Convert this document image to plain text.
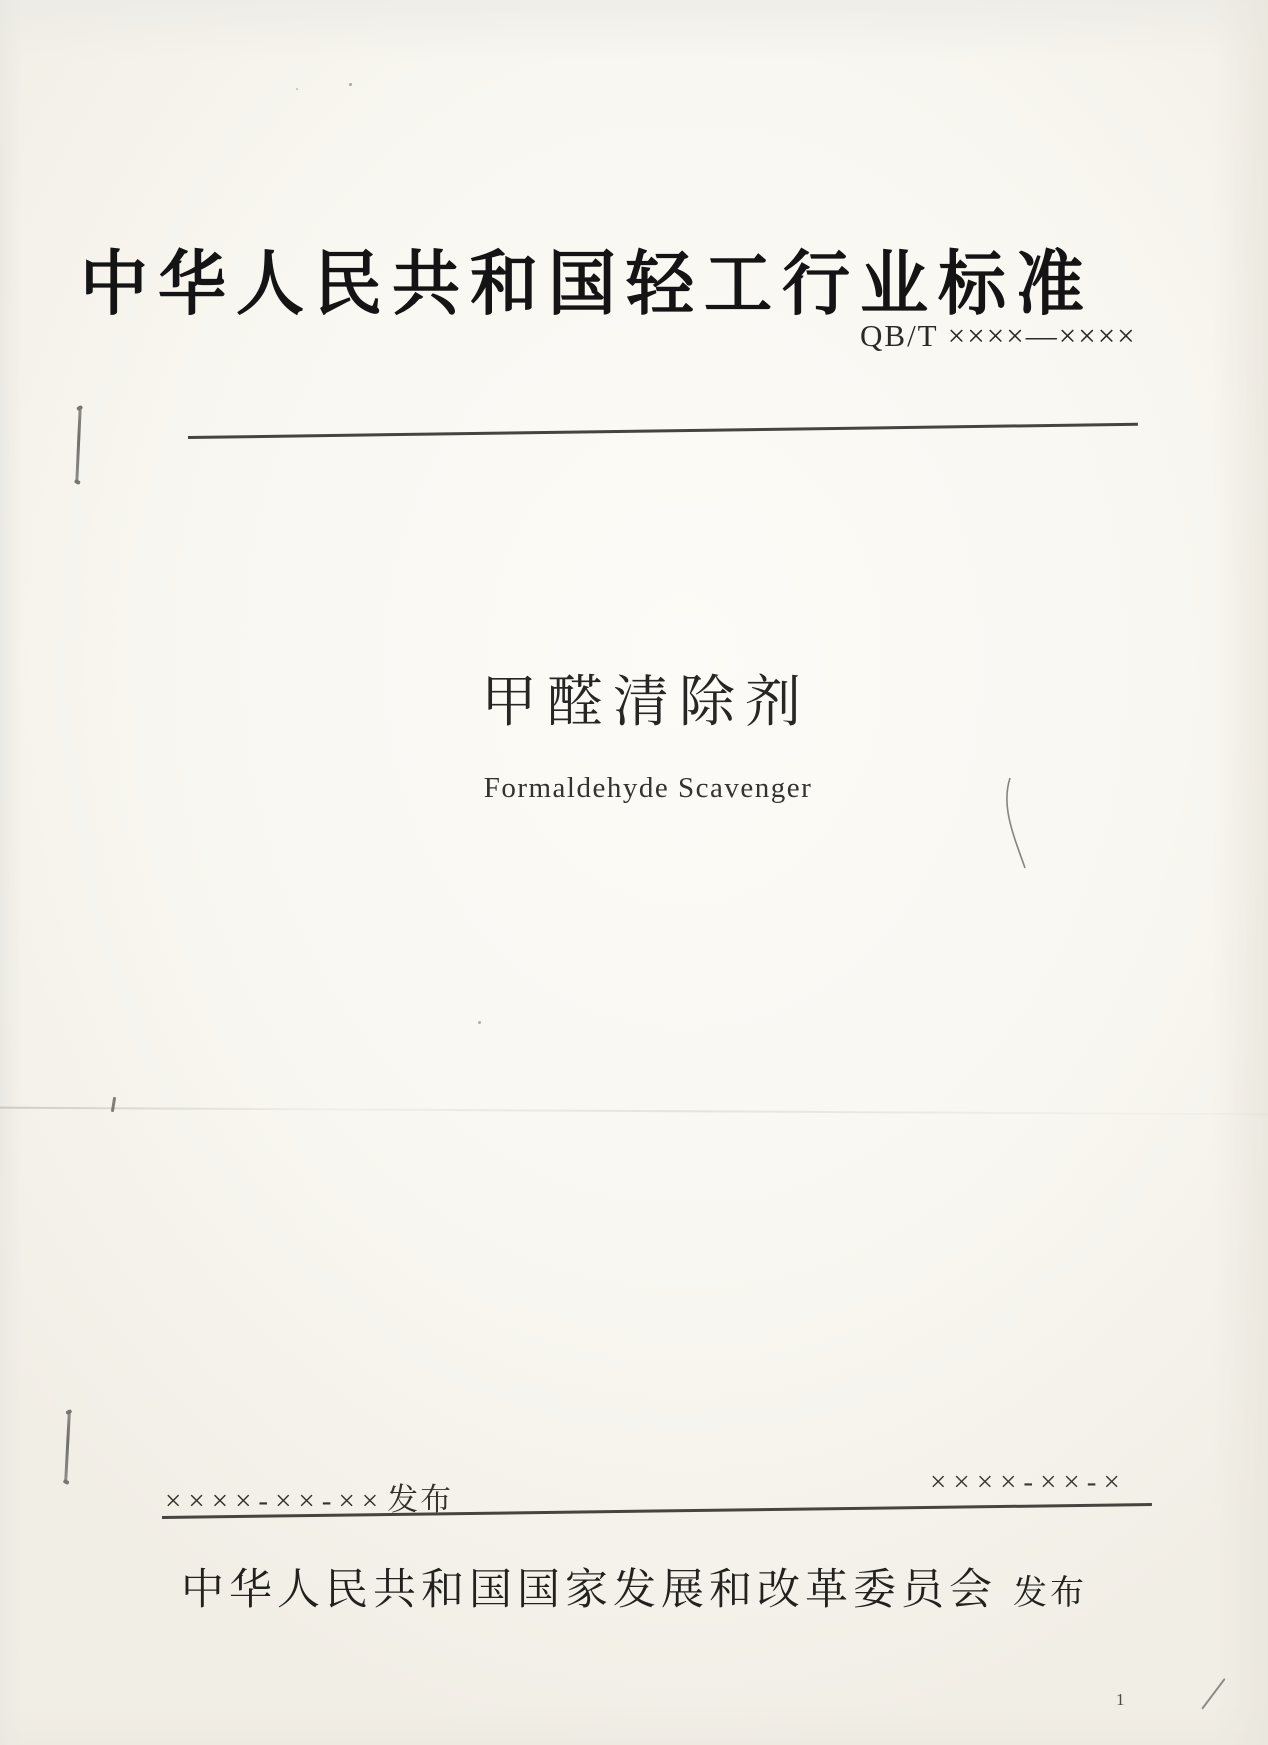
中华人民共和国轻工行业标准
QB/T ××××—××××
甲醛清除剂
Formaldehyde Scavenger
××××-××-××发布	××××-××-×
中华人民共和国国家发展和改革委员会 发布
1
